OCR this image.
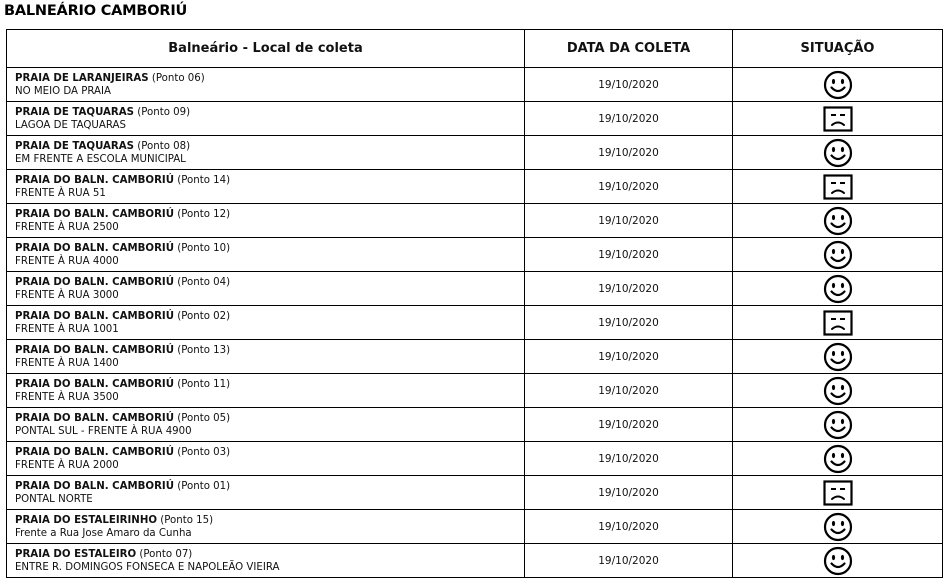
BALNEÁRIO CAMBORIÚ
Balneário - Local de coleta	DATA DA COLETA	SITUAÇÃO

PRAIA DE LARANJEIRAS (Ponto 06)
NO MEIO DA PRAIA	19/10/2020	

PRAIA DE TAQUARAS (Ponto 09)
LAGOA DE TAQUARAS	19/10/2020	

PRAIA DE TAQUARAS (Ponto 08)
EM FRENTE A ESCOLA MUNICIPAL	19/10/2020	

PRAIA DO BALN. CAMBORIÚ (Ponto 14)
FRENTE À RUA 51	19/10/2020	

PRAIA DO BALN. CAMBORIÚ (Ponto 12)
FRENTE À RUA 2500	19/10/2020	

PRAIA DO BALN. CAMBORIÚ (Ponto 10)
FRENTE À RUA 4000	19/10/2020	

PRAIA DO BALN. CAMBORIÚ (Ponto 04)
FRENTE À RUA 3000	19/10/2020	

PRAIA DO BALN. CAMBORIÚ (Ponto 02)
FRENTE À RUA 1001	19/10/2020	

PRAIA DO BALN. CAMBORIÚ (Ponto 13)
FRENTE À RUA 1400	19/10/2020	

PRAIA DO BALN. CAMBORIÚ (Ponto 11)
FRENTE À RUA 3500	19/10/2020	

PRAIA DO BALN. CAMBORIÚ (Ponto 05)
PONTAL SUL - FRENTE À RUA 4900	19/10/2020	

PRAIA DO BALN. CAMBORIÚ (Ponto 03)
FRENTE À RUA 2000	19/10/2020	

PRAIA DO BALN. CAMBORIÚ (Ponto 01)
PONTAL NORTE	19/10/2020	

PRAIA DO ESTALEIRINHO (Ponto 15)
Frente a Rua Jose Amaro da Cunha	19/10/2020	

PRAIA DO ESTALEIRO (Ponto 07)
ENTRE R. DOMINGOS FONSECA E NAPOLEÃO VIEIRA	19/10/2020	
